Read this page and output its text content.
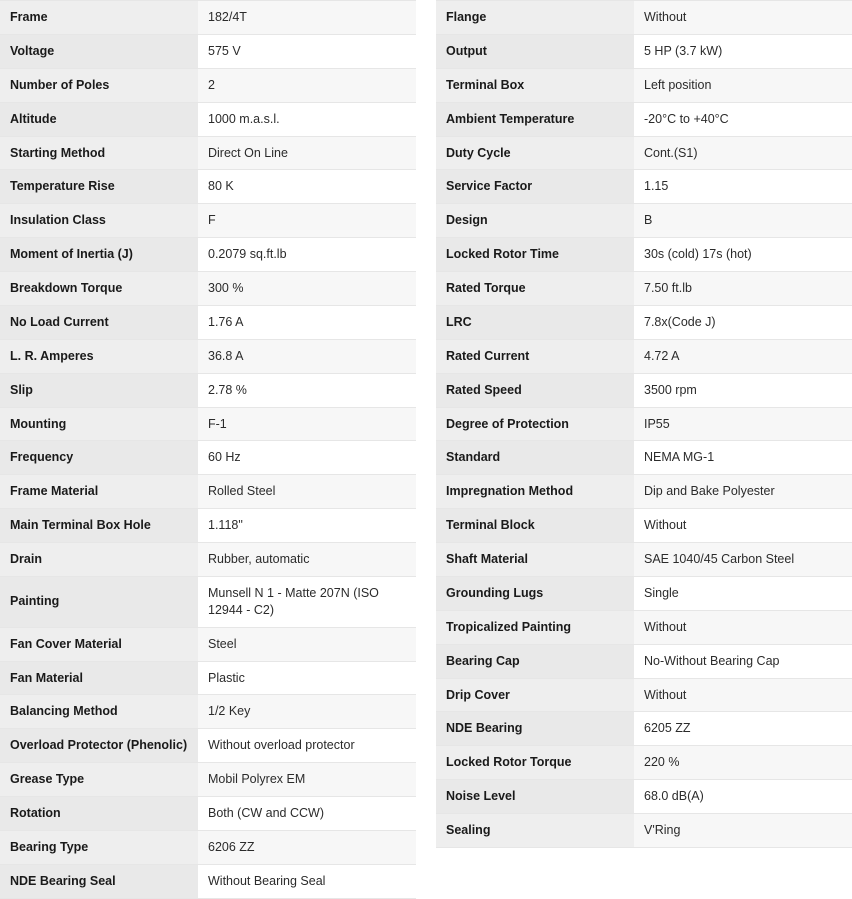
Frame	182/4T
Voltage	575 V
Number of Poles	2
Altitude	1000 m.a.s.l.
Starting Method	Direct On Line
Temperature Rise	80 K
Insulation Class	F
Moment of Inertia (J)	0.2079 sq.ft.lb
Breakdown Torque	300 %
No Load Current	1.76 A
L. R. Amperes	36.8 A
Slip	2.78 %
Mounting	F-1
Frequency	60 Hz
Frame Material	Rolled Steel
Main Terminal Box Hole	1.118"
Drain	Rubber, automatic
Painting	Munsell N 1 - Matte 207N (ISO 12944 - C2)
Fan Cover Material	Steel
Fan Material	Plastic
Balancing Method	1/2 Key
Overload Protector (Phenolic)	Without overload protector
Grease Type	Mobil Polyrex EM
Rotation	Both (CW and CCW)
Bearing Type	6206 ZZ
NDE Bearing Seal	Without Bearing Seal
Flange	Without
Output	5 HP (3.7 kW)
Terminal Box	Left position
Ambient Temperature	-20°C to +40°C
Duty Cycle	Cont.(S1)
Service Factor	1.15
Design	B
Locked Rotor Time	30s (cold) 17s (hot)
Rated Torque	7.50 ft.lb
LRC	7.8x(Code J)
Rated Current	4.72 A
Rated Speed	3500 rpm
Degree of Protection	IP55
Standard	NEMA MG-1
Impregnation Method	Dip and Bake Polyester
Terminal Block	Without
Shaft Material	SAE 1040/45 Carbon Steel
Grounding Lugs	Single
Tropicalized Painting	Without
Bearing Cap	No-Without Bearing Cap
Drip Cover	Without
NDE Bearing	6205 ZZ
Locked Rotor Torque	220 %
Noise Level	68.0 dB(A)
Sealing	V'Ring
